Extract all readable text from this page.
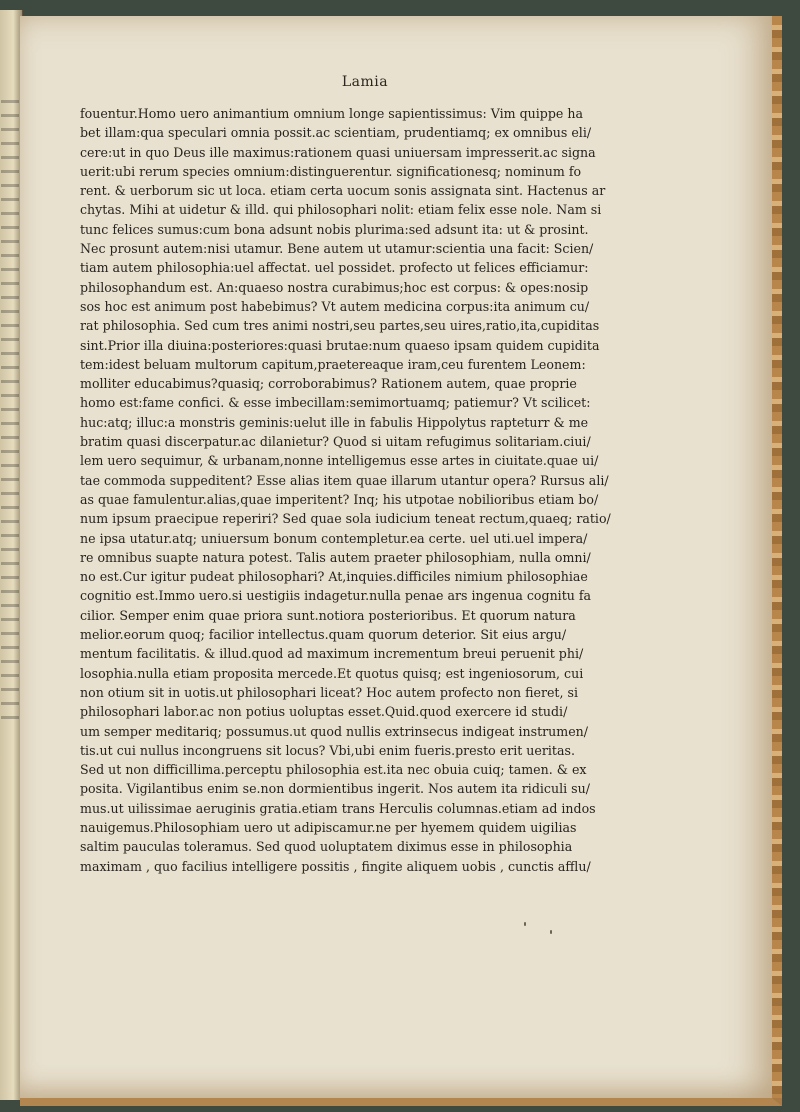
Lamia
fouentur.Homo uero animantium omnium longe sapientissimus: Vim quippe ha
bet illam:qua speculari omnia possit.ac scientiam, prudentiamq; ex omnibus eli/
cere:ut in quo Deus ille maximus:rationem quasi uniuersam impresserit.ac signa
uerit:ubi rerum species omnium:distinguerentur. significationesq; nominum fo
rent. & uerborum sic ut loca. etiam certa uocum sonis assignata sint. Hactenus ar
chytas. Mihi at uidetur & illd. qui philosophari nolit: etiam felix esse nole. Nam si
tunc felices sumus:cum bona adsunt nobis plurima:sed adsunt ita: ut & prosint.
Nec prosunt autem:nisi utamur. Bene autem ut utamur:scientia una facit: Scien/
tiam autem philosophia:uel affectat. uel possidet. profecto ut felices efficiamur:
philosophandum est. An:quaeso nostra curabimus;hoc est corpus: & opes:nosip
sos hoc est animum post habebimus? Vt autem medicina corpus:ita animum cu/
rat philosophia. Sed cum tres animi nostri,seu partes,seu uires,ratio,ita,cupiditas
sint.Prior illa diuina:posteriores:quasi brutae:num quaeso ipsam quidem cupidita
tem:idest beluam multorum capitum,praetereaque iram,ceu furentem Leonem:
molliter educabimus?quasiq; corroborabimus? Rationem autem, quae proprie
homo est:fame confici. & esse imbecillam:semimortuamq; patiemur? Vt scilicet:
huc:atq; illuc:a monstris geminis:uelut ille in fabulis Hippolytus rapteturr & me
bratim quasi discerpatur.ac dilanietur? Quod si uitam refugimus solitariam.ciui/
lem uero sequimur, & urbanam,nonne intelligemus esse artes in ciuitate.quae ui/
tae commoda suppeditent? Esse alias item quae illarum utantur opera? Rursus ali/
as quae famulentur.alias,quae imperitent? Inq; his utpotae nobilioribus etiam bo/
num ipsum praecipue reperiri? Sed quae sola iudicium teneat rectum,quaeq; ratio/
ne ipsa utatur.atq; uniuersum bonum contempletur.ea certe. uel uti.uel impera/
re omnibus suapte natura potest. Talis autem praeter philosophiam, nulla omni/
no est.Cur igitur pudeat philosophari? At,inquies.difficiles nimium philosophiae
cognitio est.Immo uero.si uestigiis indagetur.nulla penae ars ingenua cognitu fa
cilior. Semper enim quae priora sunt.notiora posterioribus. Et quorum natura
melior.eorum quoq; facilior intellectus.quam quorum deterior. Sit eius argu/
mentum facilitatis. & illud.quod ad maximum incrementum breui peruenit phi/
losophia.nulla etiam proposita mercede.Et quotus quisq; est ingeniosorum, cui
non otium sit in uotis.ut philosophari liceat? Hoc autem profecto non fieret, si
philosophari labor.ac non potius uoluptas esset.Quid.quod exercere id studi/
um semper meditariq; possumus.ut quod nullis extrinsecus indigeat instrumen/
tis.ut cui nullus incongruens sit locus? Vbi,ubi enim fueris.presto erit ueritas.
Sed ut non difficillima.perceptu philosophia est.ita nec obuia cuiq; tamen. & ex
posita. Vigilantibus enim se.non dormientibus ingerit. Nos autem ita ridiculi su/
mus.ut uilissimae aeruginis gratia.etiam trans Herculis columnas.etiam ad indos
nauigemus.Philosophiam uero ut adipiscamur.ne per hyemem quidem uigilias
saltim pauculas toleramus. Sed quod uoluptatem diximus esse in philosophia
maximam , quo facilius intelligere possitis , fingite aliquem uobis , cunctis afflu/
